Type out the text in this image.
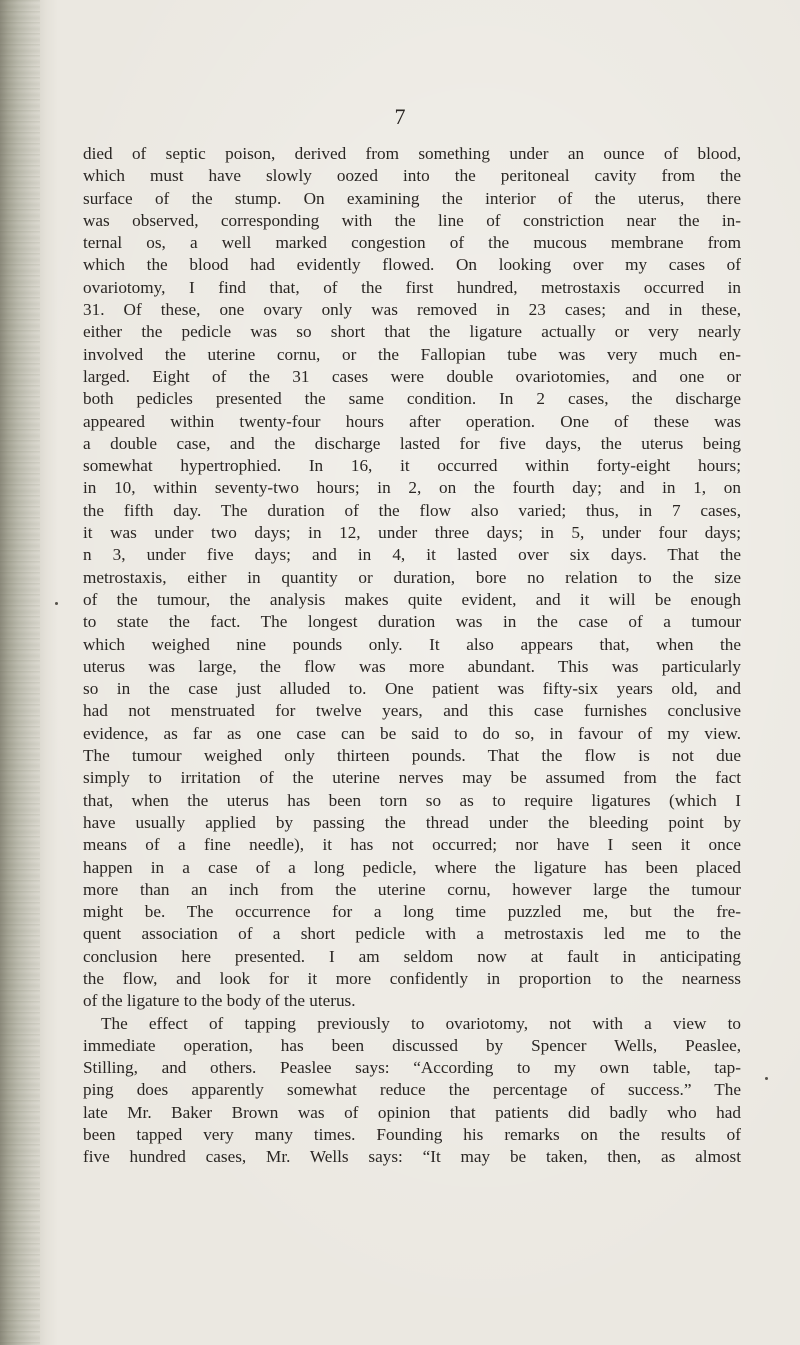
7
died of septic poison, derived from something under an ounce of blood,
which must have slowly oozed into the peritoneal cavity from the
surface of the stump. On examining the interior of the uterus, there
was observed, corresponding with the line of constriction near the in-
ternal os, a well marked congestion of the mucous membrane from
which the blood had evidently flowed. On looking over my cases of
ovariotomy, I find that, of the first hundred, metrostaxis occurred in
31. Of these, one ovary only was removed in 23 cases; and in these,
either the pedicle was so short that the ligature actually or very nearly
involved the uterine cornu, or the Fallopian tube was very much en-
larged. Eight of the 31 cases were double ovariotomies, and one or
both pedicles presented the same condition. In 2 cases, the discharge
appeared within twenty-four hours after operation. One of these was
a double case, and the discharge lasted for five days, the uterus being
somewhat hypertrophied. In 16, it occurred within forty-eight hours;
in 10, within seventy-two hours; in 2, on the fourth day; and in 1, on
the fifth day. The duration of the flow also varied; thus, in 7 cases,
it was under two days; in 12, under three days; in 5, under four days;
n 3, under five days; and in 4, it lasted over six days. That the
metrostaxis, either in quantity or duration, bore no relation to the size
of the tumour, the analysis makes quite evident, and it will be enough
to state the fact. The longest duration was in the case of a tumour
which weighed nine pounds only. It also appears that, when the
uterus was large, the flow was more abundant. This was particularly
so in the case just alluded to. One patient was fifty-six years old, and
had not menstruated for twelve years, and this case furnishes conclusive
evidence, as far as one case can be said to do so, in favour of my view.
The tumour weighed only thirteen pounds. That the flow is not due
simply to irritation of the uterine nerves may be assumed from the fact
that, when the uterus has been torn so as to require ligatures (which I
have usually applied by passing the thread under the bleeding point by
means of a fine needle), it has not occurred; nor have I seen it once
happen in a case of a long pedicle, where the ligature has been placed
more than an inch from the uterine cornu, however large the tumour
might be. The occurrence for a long time puzzled me, but the fre-
quent association of a short pedicle with a metrostaxis led me to the
conclusion here presented. I am seldom now at fault in anticipating
the flow, and look for it more confidently in proportion to the nearness
of the ligature to the body of the uterus.
The effect of tapping previously to ovariotomy, not with a view to
immediate operation, has been discussed by Spencer Wells, Peaslee,
Stilling, and others. Peaslee says: “According to my own table, tap-
ping does apparently somewhat reduce the percentage of success.” The
late Mr. Baker Brown was of opinion that patients did badly who had
been tapped very many times. Founding his remarks on the results of
five hundred cases, Mr. Wells says: “It may be taken, then, as almost
